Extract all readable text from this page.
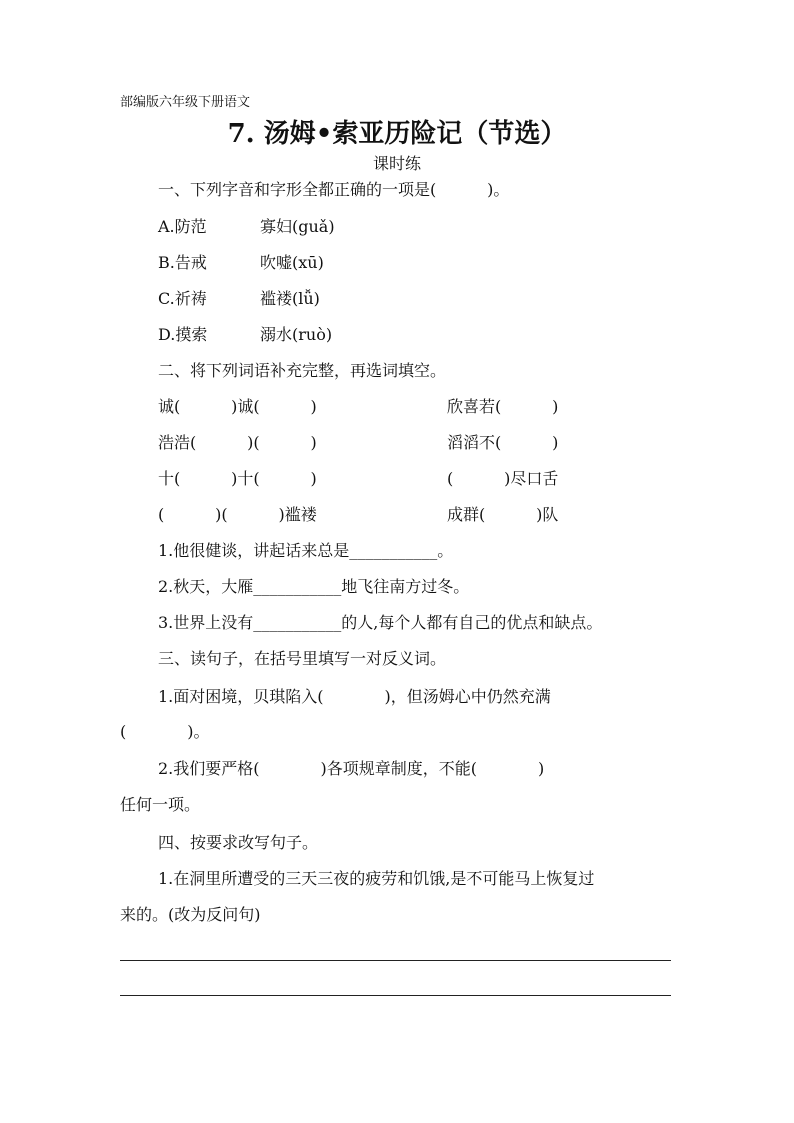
部编版六年级下册语文
7. 汤姆•索亚历险记（节选）
课时练
一、下列字音和字形全都正确的一项是(          )。
A.防范	寡妇(guǎ)
B.告戒	吹嘘(xū)
C.祈祷	褴褛(lǚ)
D.摸索	溺水(ruò)
二、将下列词语补充完整，再选词填空。
诚(          )诚(          )	欣喜若(          )
浩浩(          )(          )	滔滔不(          )
十(          )十(          )	(          )尽口舌
(          )(          )褴褛	成群(          )队
1.他很健谈，讲起话来总是___________。
2.秋天，大雁___________地飞往南方过冬。
3.世界上没有___________的人,每个人都有自己的优点和缺点。
三、读句子，在括号里填写一对反义词。
1.面对困境，贝琪陷入(            )，但汤姆心中仍然充满
(            )。
2.我们要严格(            )各项规章制度，不能(            )
任何一项。
四、按要求改写句子。
1.在洞里所遭受的三天三夜的疲劳和饥饿,是不可能马上恢复过
来的。(改为反问句)
